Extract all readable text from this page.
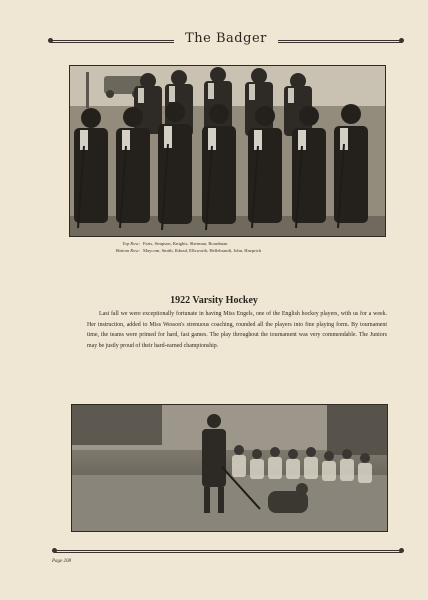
The Badger
Top Row: Faris, Simpson, Knights, Sherman, Boardman
Bottom Row: Maycom, Smith, Ibbrad, Ellsworth, Hellebrandt, John, Haeprich
1922 Varsity Hockey
Last fall we were exceptionally fortunate in having Miss Engels, one of the English hockey players, with us for a week. Her instruction, added to Miss Wesson's strenuous coaching, rounded all the players into fine playing form. By tournament time, the teams were primed for hard, fast games. The play throughout the tournament was very commendable. The Juniors may be justly proud of their hard-earned championship.
Page 208
